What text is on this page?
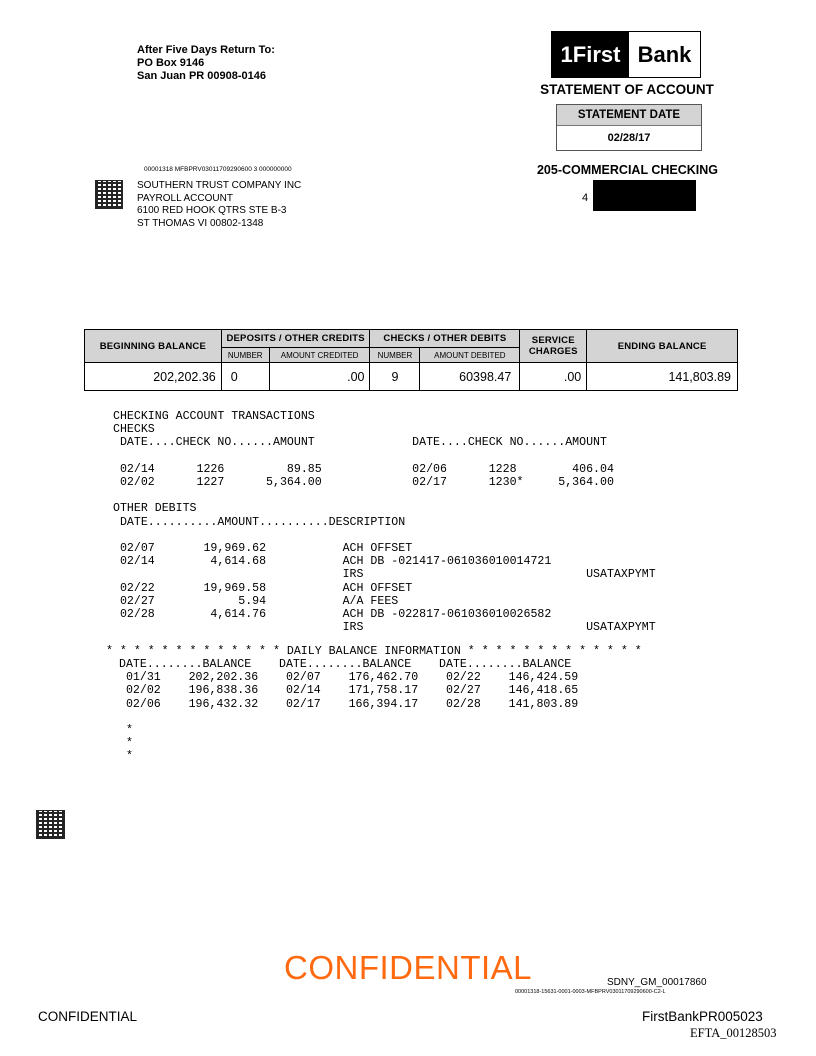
After Five Days Return To:
PO Box 9146
San Juan PR 00908-0146
1First Bank
STATEMENT OF ACCOUNT
STATEMENT DATE
02/28/17
205-COMMERCIAL CHECKING
4
00001318 MFBPRV03011709290600 3 000000000
SOUTHERN TRUST COMPANY INC
PAYROLL ACCOUNT
6100 RED HOOK QTRS STE B-3
ST THOMAS VI 00802-1348
BEGINNING BALANCE	DEPOSITS / OTHER CREDITS		CHECKS / OTHER DEBITS		SERVICE CHARGES	ENDING BALANCE
	NUMBER	AMOUNT CREDITED	NUMBER	AMOUNT DEBITED		
202,202.36	0	.00	9	60398.47	.00	141,803.89
CHECKING ACCOUNT TRANSACTIONS
CHECKS
DATE....CHECK NO......AMOUNT              DATE....CHECK NO......AMOUNT

02/14      1226         89.85             02/06      1228        406.04
02/02      1227      5,364.00             02/17      1230*     5,364.00

OTHER DEBITS
DATE..........AMOUNT..........DESCRIPTION

02/07       19,969.62           ACH OFFSET
02/14        4,614.68           ACH DB -021417-061036010014721
IRS                                USATAXPYMT
02/22       19,969.58           ACH OFFSET
02/27            5.94           A/A FEES
02/28        4,614.76           ACH DB -022817-061036010026582
IRS                                USATAXPYMT
* * * * * * * * * * * * * DAILY BALANCE INFORMATION * * * * * * * * * * * * *
DATE........BALANCE    DATE........BALANCE    DATE........BALANCE
01/31    202,202.36    02/07    176,462.70    02/22    146,424.59
02/02    196,838.36    02/14    171,758.17    02/27    146,418.65
02/06    196,432.32    02/17    166,394.17    02/28    141,803.89

*
*
*
CONFIDENTIAL	SDNY_GM_00017860
00001318-15631-0001-0003-MFBPRV03011709290600-C2-L
CONFIDENTIAL	FirstBankPR005023
EFTA_00128503
